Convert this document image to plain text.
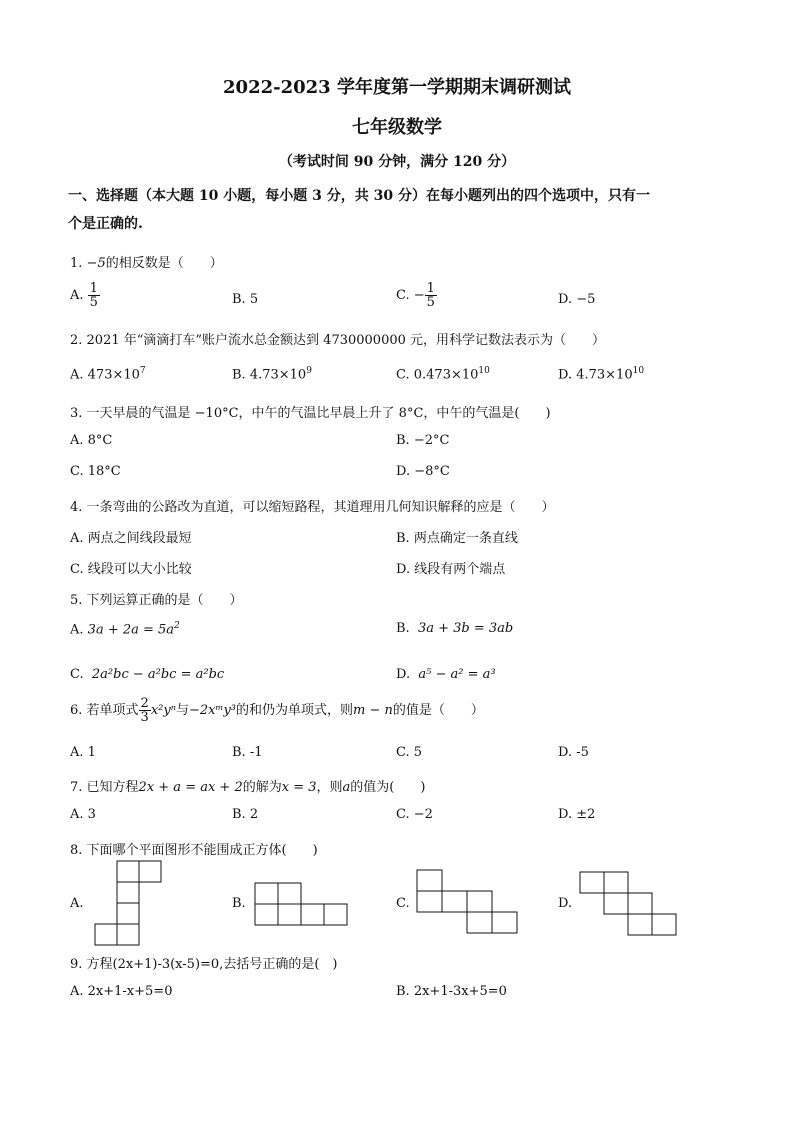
2022-2023 学年度第一学期期末调研测试
七年级数学
（考试时间 90 分钟，满分 120 分）
一、选择题（本大题 10 小题，每小题 3 分，共 30 分）在每小题列出的四个选项中，只有一
个是正确的.
1. −5的相反数是（　　）
A. $\frac{1}{5}$	B. 5	C. − $\frac{1}{5}$	D. −5
2. 2021 年“滴滴打车”账户流水总金额达到 4730000000 元，用科学记数法表示为（　　）
A. $473\times 10^7$	B. $4.73\times 10^9$	C. $0.473\times 10^{10}$	D. $4.73\times 10^{10}$
3. 一天早晨的气温是 −10°C，中午的气温比早晨上升了 8°C，中午的气温是(　　)
A. 8°C	B. −2°C
C. 18°C	D. −8°C
4. 一条弯曲的公路改为直道，可以缩短路程，其道理用几何知识解释的应是（　　）
A. 两点之间线段最短	B. 两点确定一条直线
C. 线段可以大小比较	D. 线段有两个端点
5. 下列运算正确的是（　　）
A. $3a + 2a = 5a^2$	B. 3a + 3b = 3ab
C. 2a²bc − a²bc = a²bc	D. a⁵ − a² = a³
6. 若单项式 $\frac{2}{3} x^2y^n$与−2xᵐy³的和仍为单项式，则m − n的值是（　　）
A. 1	B. -1	C. 5	D. -5
7. 已知方程2x + a = ax + 2的解为x = 3，则a的值为(　　)
A. 3	B. 2	C. −2	D. ±2
8. 下面哪个平面图形不能围成正方体(　　)
A.	B.	C.	D.
9. 方程(2x+1)-3(x-5)=0,去括号正确的是(　)
A. 2x+1-x+5=0	B. 2x+1-3x+5=0
